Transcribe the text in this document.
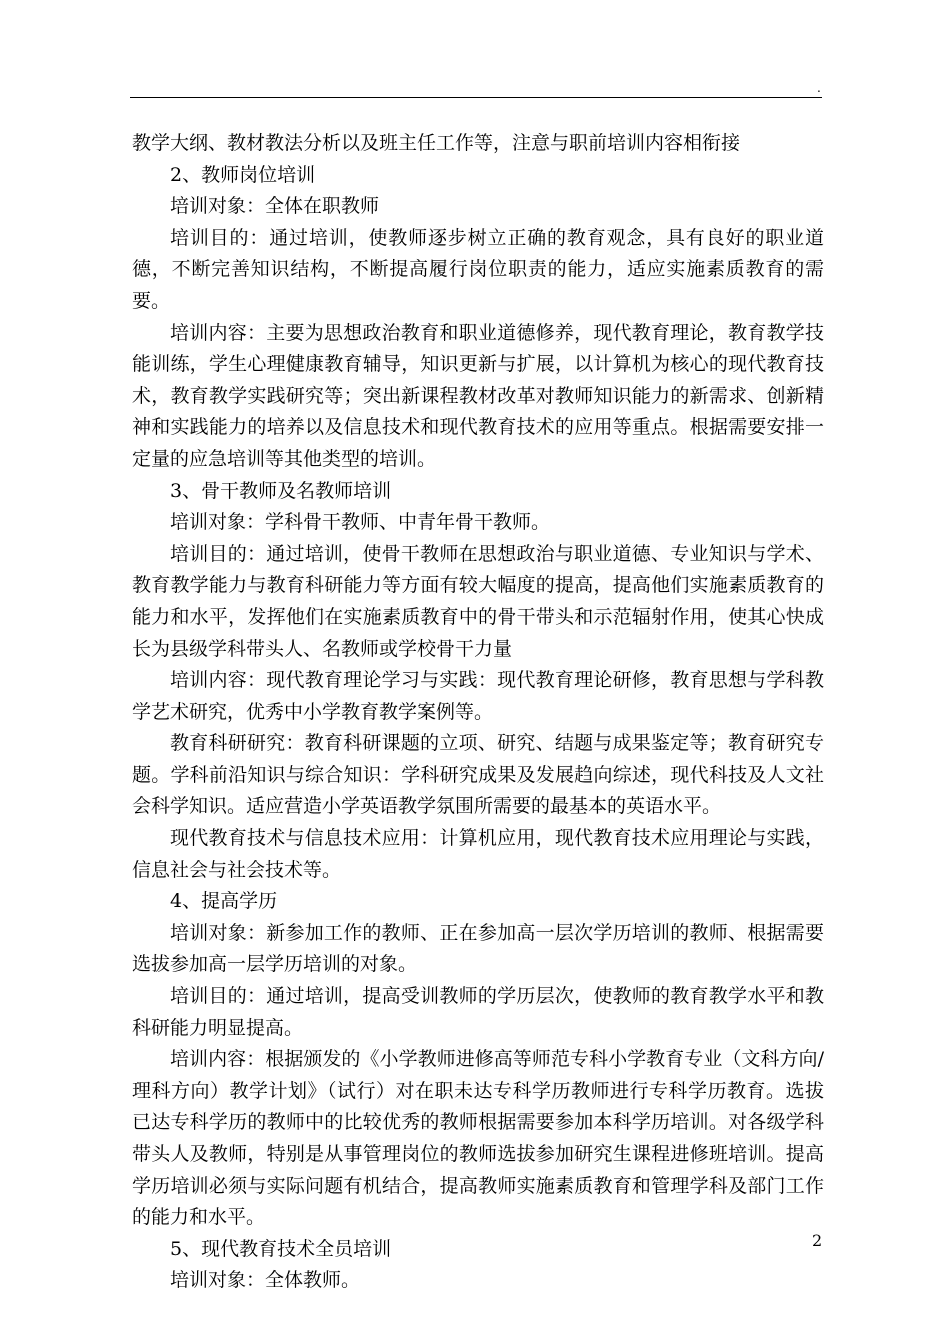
.

教学大纲、教材教法分析以及班主任工作等，注意与职前培训内容相衔接

2、教师岗位培训

培训对象：全体在职教师

培训目的：通过培训，使教师逐步树立正确的教育观念，具有良好的职业道德，不断完善知识结构，不断提高履行岗位职责的能力，适应实施素质教育的需要。

培训内容：主要为思想政治教育和职业道德修养，现代教育理论，教育教学技能训练，学生心理健康教育辅导，知识更新与扩展，以计算机为核心的现代教育技术，教育教学实践研究等；突出新课程教材改革对教师知识能力的新需求、创新精神和实践能力的培养以及信息技术和现代教育技术的应用等重点。根据需要安排一定量的应急培训等其他类型的培训。

3、骨干教师及名教师培训

培训对象：学科骨干教师、中青年骨干教师。

培训目的：通过培训，使骨干教师在思想政治与职业道德、专业知识与学术、教育教学能力与教育科研能力等方面有较大幅度的提高，提高他们实施素质教育的能力和水平，发挥他们在实施素质教育中的骨干带头和示范辐射作用，使其心快成长为县级学科带头人、名教师或学校骨干力量

培训内容：现代教育理论学习与实践：现代教育理论研修，教育思想与学科教学艺术研究，优秀中小学教育教学案例等。

教育科研研究：教育科研课题的立项、研究、结题与成果鉴定等；教育研究专题。学科前沿知识与综合知识：学科研究成果及发展趋向综述，现代科技及人文社会科学知识。适应营造小学英语教学氛围所需要的最基本的英语水平。

现代教育技术与信息技术应用：计算机应用，现代教育技术应用理论与实践，信息社会与社会技术等。

4、提高学历

培训对象：新参加工作的教师、正在参加高一层次学历培训的教师、根据需要选拔参加高一层学历培训的对象。

培训目的：通过培训，提高受训教师的学历层次，使教师的教育教学水平和教科研能力明显提高。

培训内容：根据颁发的《小学教师进修高等师范专科小学教育专业（文科方向/理科方向）教学计划》（试行）对在职未达专科学历教师进行专科学历教育。选拔已达专科学历的教师中的比较优秀的教师根据需要参加本科学历培训。对各级学科带头人及教师，特别是从事管理岗位的教师选拔参加研究生课程进修班培训。提高学历培训必须与实际问题有机结合，提高教师实施素质教育和管理学科及部门工作的能力和水平。

5、现代教育技术全员培训

培训对象：全体教师。

2
